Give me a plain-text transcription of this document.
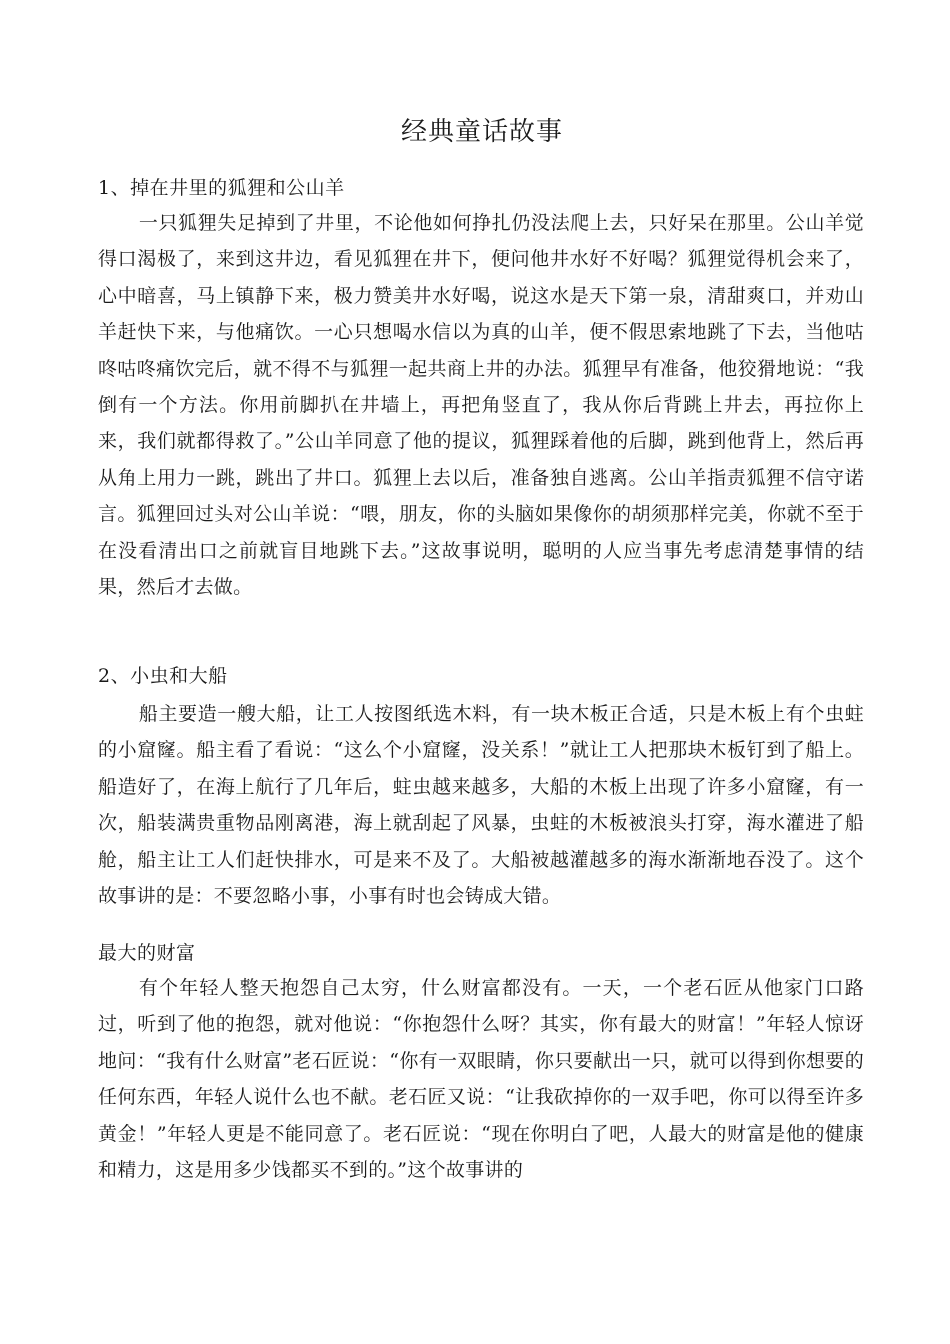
经典童话故事

1、掉在井里的狐狸和公山羊

一只狐狸失足掉到了井里，不论他如何挣扎仍没法爬上去，只好呆在那里。公山羊觉得口渴极了，来到这井边，看见狐狸在井下，便问他井水好不好喝？狐狸觉得机会来了，心中暗喜，马上镇静下来，极力赞美井水好喝，说这水是天下第一泉，清甜爽口，并劝山羊赶快下来，与他痛饮。一心只想喝水信以为真的山羊，便不假思索地跳了下去，当他咕咚咕咚痛饮完后，就不得不与狐狸一起共商上井的办法。狐狸早有准备，他狡猾地说：“我倒有一个方法。你用前脚扒在井墙上，再把角竖直了，我从你后背跳上井去，再拉你上来，我们就都得救了。”公山羊同意了他的提议，狐狸踩着他的后脚，跳到他背上，然后再从角上用力一跳，跳出了井口。狐狸上去以后，准备独自逃离。公山羊指责狐狸不信守诺言。狐狸回过头对公山羊说：“喂，朋友，你的头脑如果像你的胡须那样完美，你就不至于在没看清出口之前就盲目地跳下去。”这故事说明，聪明的人应当事先考虑清楚事情的结果，然后才去做。

2、小虫和大船

船主要造一艘大船，让工人按图纸选木料，有一块木板正合适，只是木板上有个虫蛀的小窟窿。船主看了看说：“这么个小窟窿，没关系！”就让工人把那块木板钉到了船上。船造好了，在海上航行了几年后，蛀虫越来越多，大船的木板上出现了许多小窟窿，有一次，船装满贵重物品刚离港，海上就刮起了风暴，虫蛀的木板被浪头打穿，海水灌进了船舱，船主让工人们赶快排水，可是来不及了。大船被越灌越多的海水渐渐地吞没了。这个故事讲的是：不要忽略小事，小事有时也会铸成大错。

最大的财富

有个年轻人整天抱怨自己太穷，什么财富都没有。一天，一个老石匠从他家门口路过，听到了他的抱怨，就对他说：“你抱怨什么呀？其实，你有最大的财富！”年轻人惊讶地问：“我有什么财富”老石匠说：“你有一双眼睛，你只要献出一只，就可以得到你想要的任何东西，年轻人说什么也不献。老石匠又说：“让我砍掉你的一双手吧，你可以得至许多黄金！”年轻人更是不能同意了。老石匠说：“现在你明白了吧，人最大的财富是他的健康和精力，这是用多少饯都买不到的。”这个故事讲的
